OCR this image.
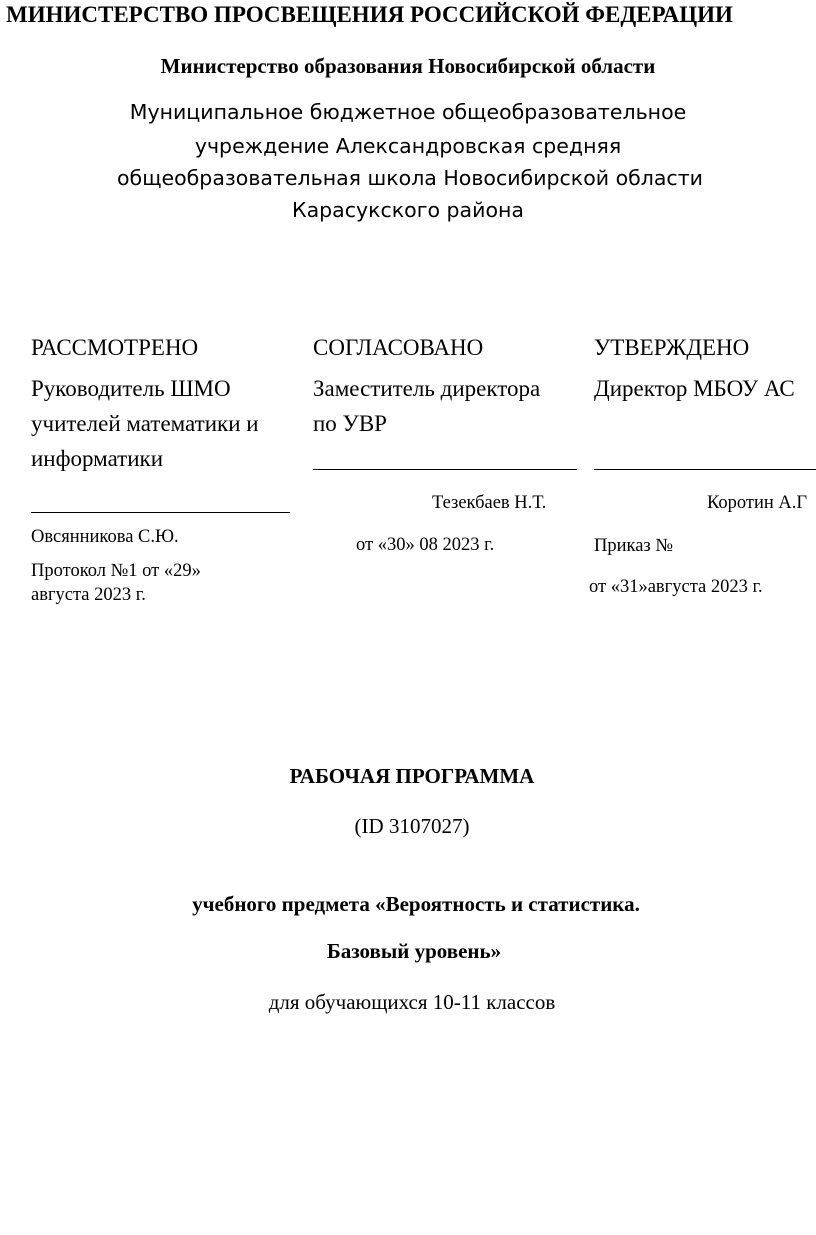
МИНИСТЕРСТВО ПРОСВЕЩЕНИЯ РОССИЙСКОЙ ФЕДЕРАЦИИ
Министерство образования Новосибирской области
Муниципальное бюджетное общеобразовательное
учреждение Александровская средняя
общеобразовательная школа Новосибирской области
Карасукского района
РАССМОТРЕНО
Руководитель ШМО
учителей математики и
информатики
Овсянникова С.Ю.
Протокол №1 от «29»
августа 2023 г.
СОГЛАСОВАНО
Заместитель директора
по УВР
Тезекбаев Н.Т.
от «30» 08 2023 г.
УТВЕРЖДЕНО
Директор МБОУ АС
Коротин А.Г
Приказ №
от «31»августа 2023 г.
РАБОЧАЯ ПРОГРАММА
(ID 3107027)
учебного предмета «Вероятность и статистика.
Базовый уровень»
для обучающихся 10-11 классов
